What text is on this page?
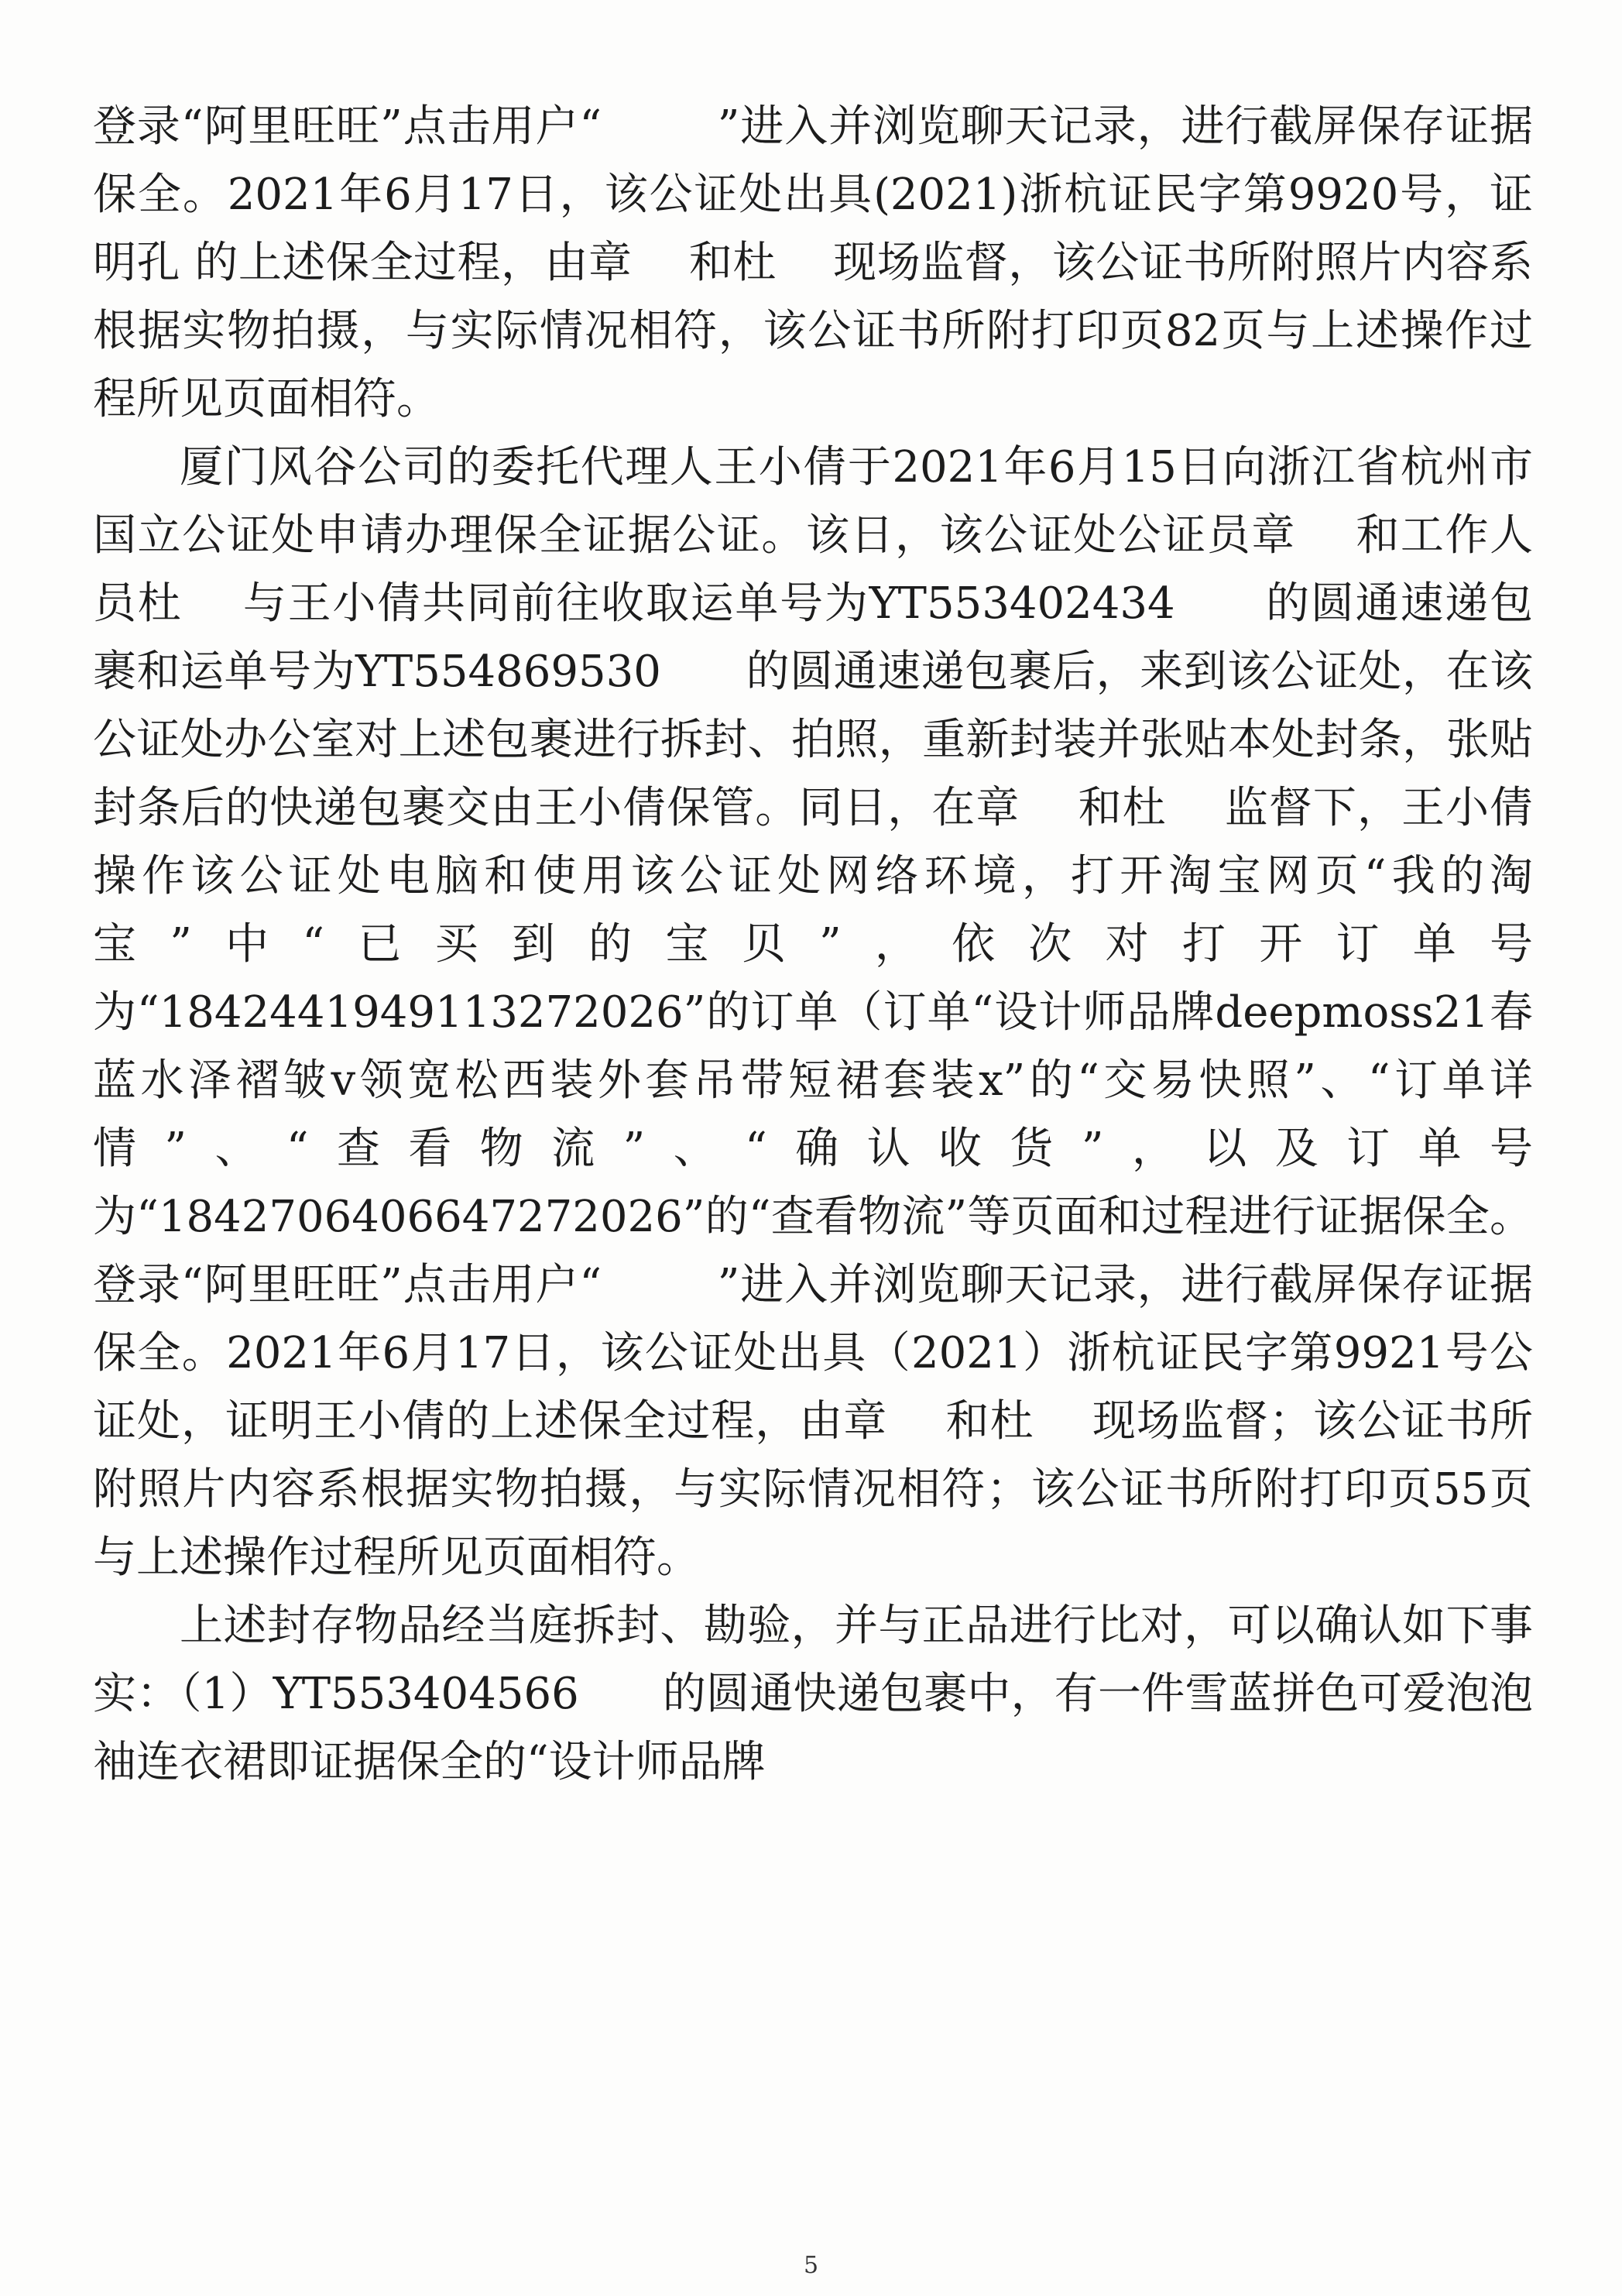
登录“阿里旺旺”点击用户“        ”进入并浏览聊天记录，进行截屏保存证据保全。2021年6月17日，该公证处出具(2021)浙杭证民字第9920号，证明孔 的上述保全过程，由章    和杜    现场监督，该公证书所附照片内容系根据实物拍摄，与实际情况相符，该公证书所附打印页82页与上述操作过程所见页面相符。

厦门风谷公司的委托代理人王小倩于2021年6月15日向浙江省杭州市国立公证处申请办理保全证据公证。该日，该公证处公证员章    和工作人员杜    与王小倩共同前往收取运单号为YT553402434      的圆通速递包裹和运单号为YT554869530      的圆通速递包裹后，来到该公证处，在该公证处办公室对上述包裹进行拆封、拍照，重新封装并张贴本处封条，张贴封条后的快递包裹交由王小倩保管。同日，在章    和杜    监督下，王小倩操作该公证处电脑和使用该公证处网络环境，打开淘宝网页“我的淘宝”中“已买到的宝贝”，依次对打开订单号为“1842441949113272026”的订单（订单“设计师品牌deepmoss21春蓝水泽褶皱v领宽松西装外套吊带短裙套装x”的“交易快照”、“订单详情”、“查看物流”、“确认收货”，以及订单号为“1842706406647272026”的“查看物流”等页面和过程进行证据保全。登录“阿里旺旺”点击用户“        ”进入并浏览聊天记录，进行截屏保存证据保全。2021年6月17日，该公证处出具（2021）浙杭证民字第9921号公证处，证明王小倩的上述保全过程，由章    和杜    现场监督；该公证书所附照片内容系根据实物拍摄，与实际情况相符；该公证书所附打印页55页与上述操作过程所见页面相符。

上述封存物品经当庭拆封、勘验，并与正品进行比对，可以确认如下事实：（1）YT553404566      的圆通快递包裹中，有一件雪蓝拼色可爱泡泡袖连衣裙即证据保全的“设计师品牌

5
